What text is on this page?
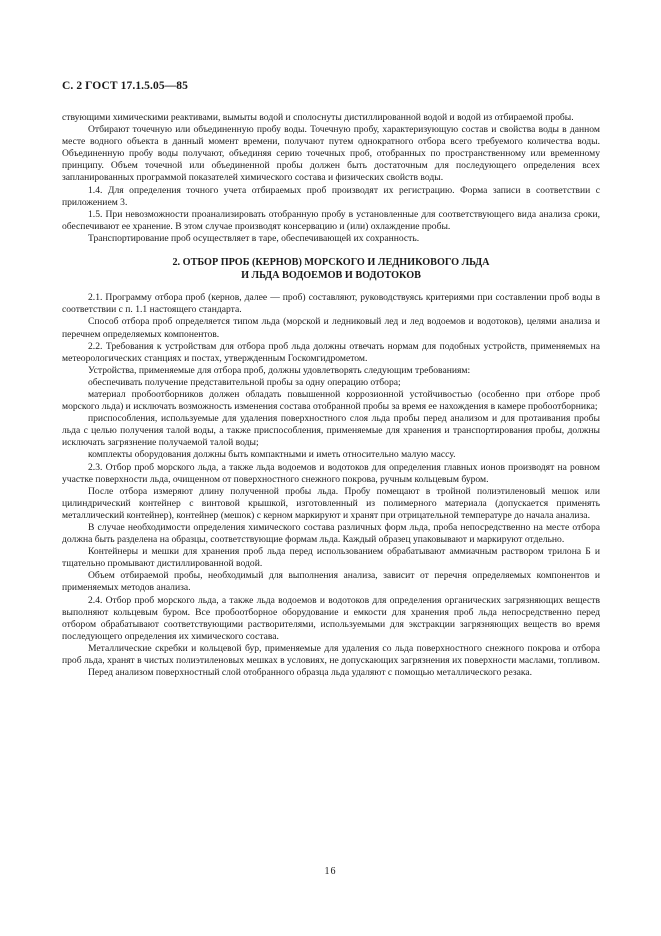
С. 2 ГОСТ 17.1.5.05—85

ствующими химическими реактивами, вымыты водой и сполоснуты дистиллированной водой и водой из отбираемой пробы.

Отбирают точечную или объединенную пробу воды. Точечную пробу, характеризующую состав и свойства воды в данном месте водного объекта в данный момент времени, получают путем однократного отбора всего требуемого количества воды. Объединенную пробу воды получают, объединяя серию точечных проб, отобранных по пространственному или временному принципу. Объем точечной или объединенной пробы должен быть достаточным для последующего определения всех запланированных программой показателей химического состава и физических свойств воды.

1.4. Для определения точного учета отбираемых проб производят их регистрацию. Форма записи в соответствии с приложением 3.

1.5. При невозможности проанализировать отобранную пробу в установленные для соответствующего вида анализа сроки, обеспечивают ее хранение. В этом случае производят консервацию и (или) охлаждение пробы.

Транспортирование проб осуществляет в таре, обеспечивающей их сохранность.

2. ОТБОР ПРОБ (КЕРНОВ) МОРСКОГО И ЛЕДНИКОВОГО ЛЬДА
И ЛЬДА ВОДОЕМОВ И ВОДОТОКОВ

2.1. Программу отбора проб (кернов, далее — проб) составляют, руководствуясь критериями при составлении проб воды в соответствии с п. 1.1 настоящего стандарта.

Способ отбора проб определяется типом льда (морской и ледниковый лед и лед водоемов и водотоков), целями анализа и перечнем определяемых компонентов.

2.2. Требования к устройствам для отбора проб льда должны отвечать нормам для подобных устройств, применяемых на метеорологических станциях и постах, утвержденным Госкомгидрометом.

Устройства, применяемые для отбора проб, должны удовлетворять следующим требованиям:

обеспечивать получение представительной пробы за одну операцию отбора;

материал пробоотборников должен обладать повышенной коррозионной устойчивостью (особенно при отборе проб морского льда) и исключать возможность изменения состава отобранной пробы за время ее нахождения в камере пробоотборника;

приспособления, используемые для удаления поверхностного слоя льда пробы перед анализом и для протаивания пробы льда с целью получения талой воды, а также приспособления, применяемые для хранения и транспортирования пробы, должны исключать загрязнение получаемой талой воды;

комплекты оборудования должны быть компактными и иметь относительно малую массу.

2.3. Отбор проб морского льда, а также льда водоемов и водотоков для определения главных ионов производят на ровном участке поверхности льда, очищенном от поверхностного снежного покрова, ручным кольцевым буром.

После отбора измеряют длину полученной пробы льда. Пробу помещают в тройной полиэтиленовый мешок или цилиндрический контейнер с винтовой крышкой, изготовленный из полимерного материала (допускается применять металлический контейнер), контейнер (мешок) с керном маркируют и хранят при отрицательной температуре до начала анализа.

В случае необходимости определения химического состава различных форм льда, проба непосредственно на месте отбора должна быть разделена на образцы, соответствующие формам льда. Каждый образец упаковывают и маркируют отдельно.

Контейнеры и мешки для хранения проб льда перед использованием обрабатывают аммиачным раствором трилона Б и тщательно промывают дистиллированной водой.

Объем отбираемой пробы, необходимый для выполнения анализа, зависит от перечня определяемых компонентов и применяемых методов анализа.

2.4. Отбор проб морского льда, а также льда водоемов и водотоков для определения органических загрязняющих веществ выполняют кольцевым буром. Все пробоотборное оборудование и емкости для хранения проб льда непосредственно перед отбором обрабатывают соответствующими растворителями, используемыми для экстракции загрязняющих веществ во время последующего определения их химического состава.

Металлические скребки и кольцевой бур, применяемые для удаления со льда поверхностного снежного покрова и отбора проб льда, хранят в чистых полиэтиленовых мешках в условиях, не допускающих загрязнения их поверхности маслами, топливом.

Перед анализом поверхностный слой отобранного образца льда удаляют с помощью металлического резака.

16
